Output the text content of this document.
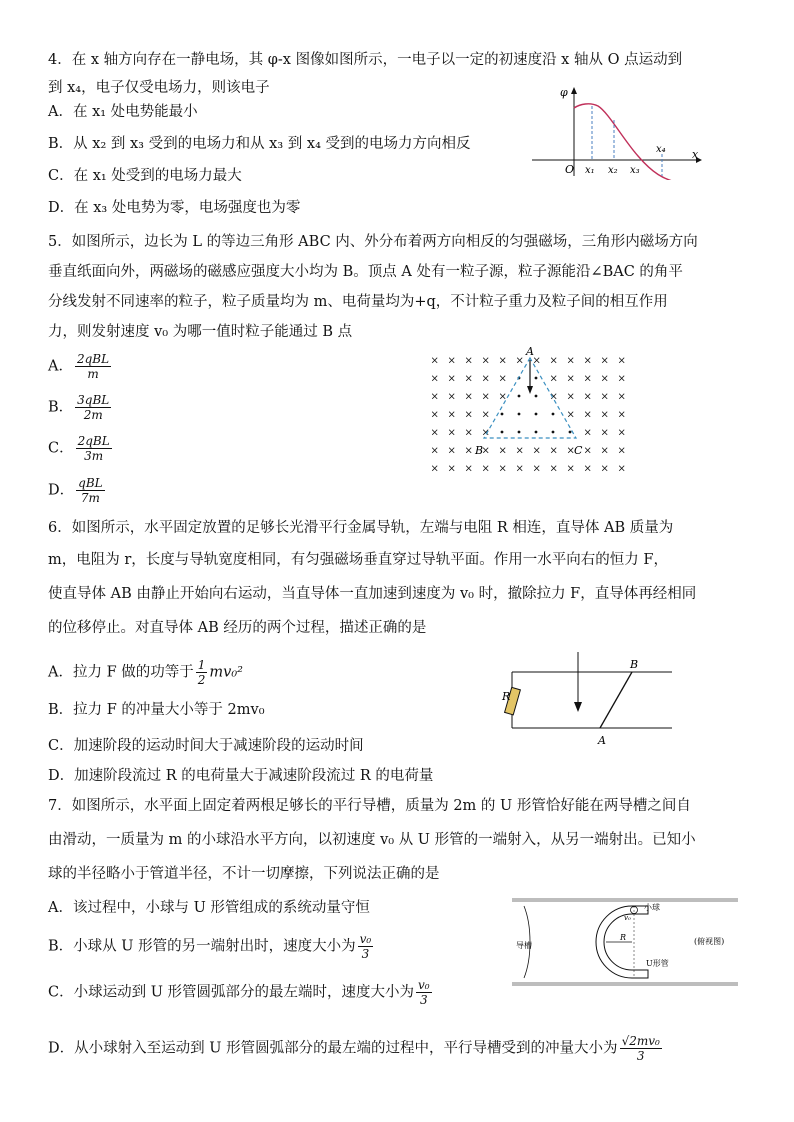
4．在 x 轴方向存在一静电场，其 φ-x 图像如图所示，一电子以一定的初速度沿 x 轴从 O 点运动到
到 x₄，电子仅受电场力，则该电子
A．在 x₁ 处电势能最小
B．从 x₂ 到 x₃ 受到的电场力和从 x₃ 到 x₄ 受到的电场力方向相反
C．在 x₁ 处受到的电场力最大
D．在 x₃ 处电势为零，电场强度也为零
φ
x
O x₁ x₂ x₃
x₄
5．如图所示，边长为 L 的等边三角形 ABC 内、外分布着两方向相反的匀强磁场，三角形内磁场方向
垂直纸面向外，两磁场的磁感应强度大小均为 B。顶点 A 处有一粒子源，粒子源能沿∠BAC 的角平
分线发射不同速率的粒子，粒子质量均为 m、电荷量均为+q，不计粒子重力及粒子间的相互作用
力，则发射速度 v₀ 为哪一值时粒子能通过 B 点
A． $\frac{\text{2qBL}}{m}$
B． $\frac{\text{3qBL}}{2m}$
C． $\frac{\text{2qBL}}{3m}$
D． $\frac{\text{qBL}}{7m}$
× × × × × × × × × × × ×
× × × × ×	× × × × ×
× × × × ×	× × × × ×
× × × ×	× × × ×
× × × ×	× × ×
× × × × × × × × × × × ×
× × × × × × × × × × × ×
A
B	C
6．如图所示，水平固定放置的足够长光滑平行金属导轨，左端与电阻 R 相连，直导体 AB 质量为
m，电阻为 r，长度与导轨宽度相同，有匀强磁场垂直穿过导轨平面。作用一水平向右的恒力 F，
使直导体 AB 由静止开始向右运动，当直导体一直加速到速度为 v₀ 时，撤除拉力 F，直导体再经相同
的位移停止。对直导体 AB 经历的两个过程，描述正确的是
A．拉力 F 做的功等于 $\frac{1}{2} mv_0^2$
B．拉力 F 的冲量大小等于 2mv₀
C．加速阶段的运动时间大于减速阶段的运动时间
D．加速阶段流过 R 的电荷量大于减速阶段流过 R 的电荷量
R
B
A
7．如图所示，水平面上固定着两根足够长的平行导槽，质量为 2m 的 U 形管恰好能在两导槽之间自
由滑动，一质量为 m 的小球沿水平方向，以初速度 v₀ 从 U 形管的一端射入，从另一端射出。已知小
球的半径略小于管道半径，不计一切摩擦，下列说法正确的是
A．该过程中，小球与 U 形管组成的系统动量守恒
B．小球从 U 形管的另一端射出时，速度大小为 $\frac{\text{v₀}}{3}$
C．小球运动到 U 形管圆弧部分的最左端时，速度大小为 $\frac{\text{v₀}}{3}$
D．从小球射入至运动到 U 形管圆弧部分的最左端的过程中，平行导槽受到的冲量大小为 $\frac{\text{√2mv₀}}{3}$
小球
v₀
导槽
R
U形管
(俯视图)
